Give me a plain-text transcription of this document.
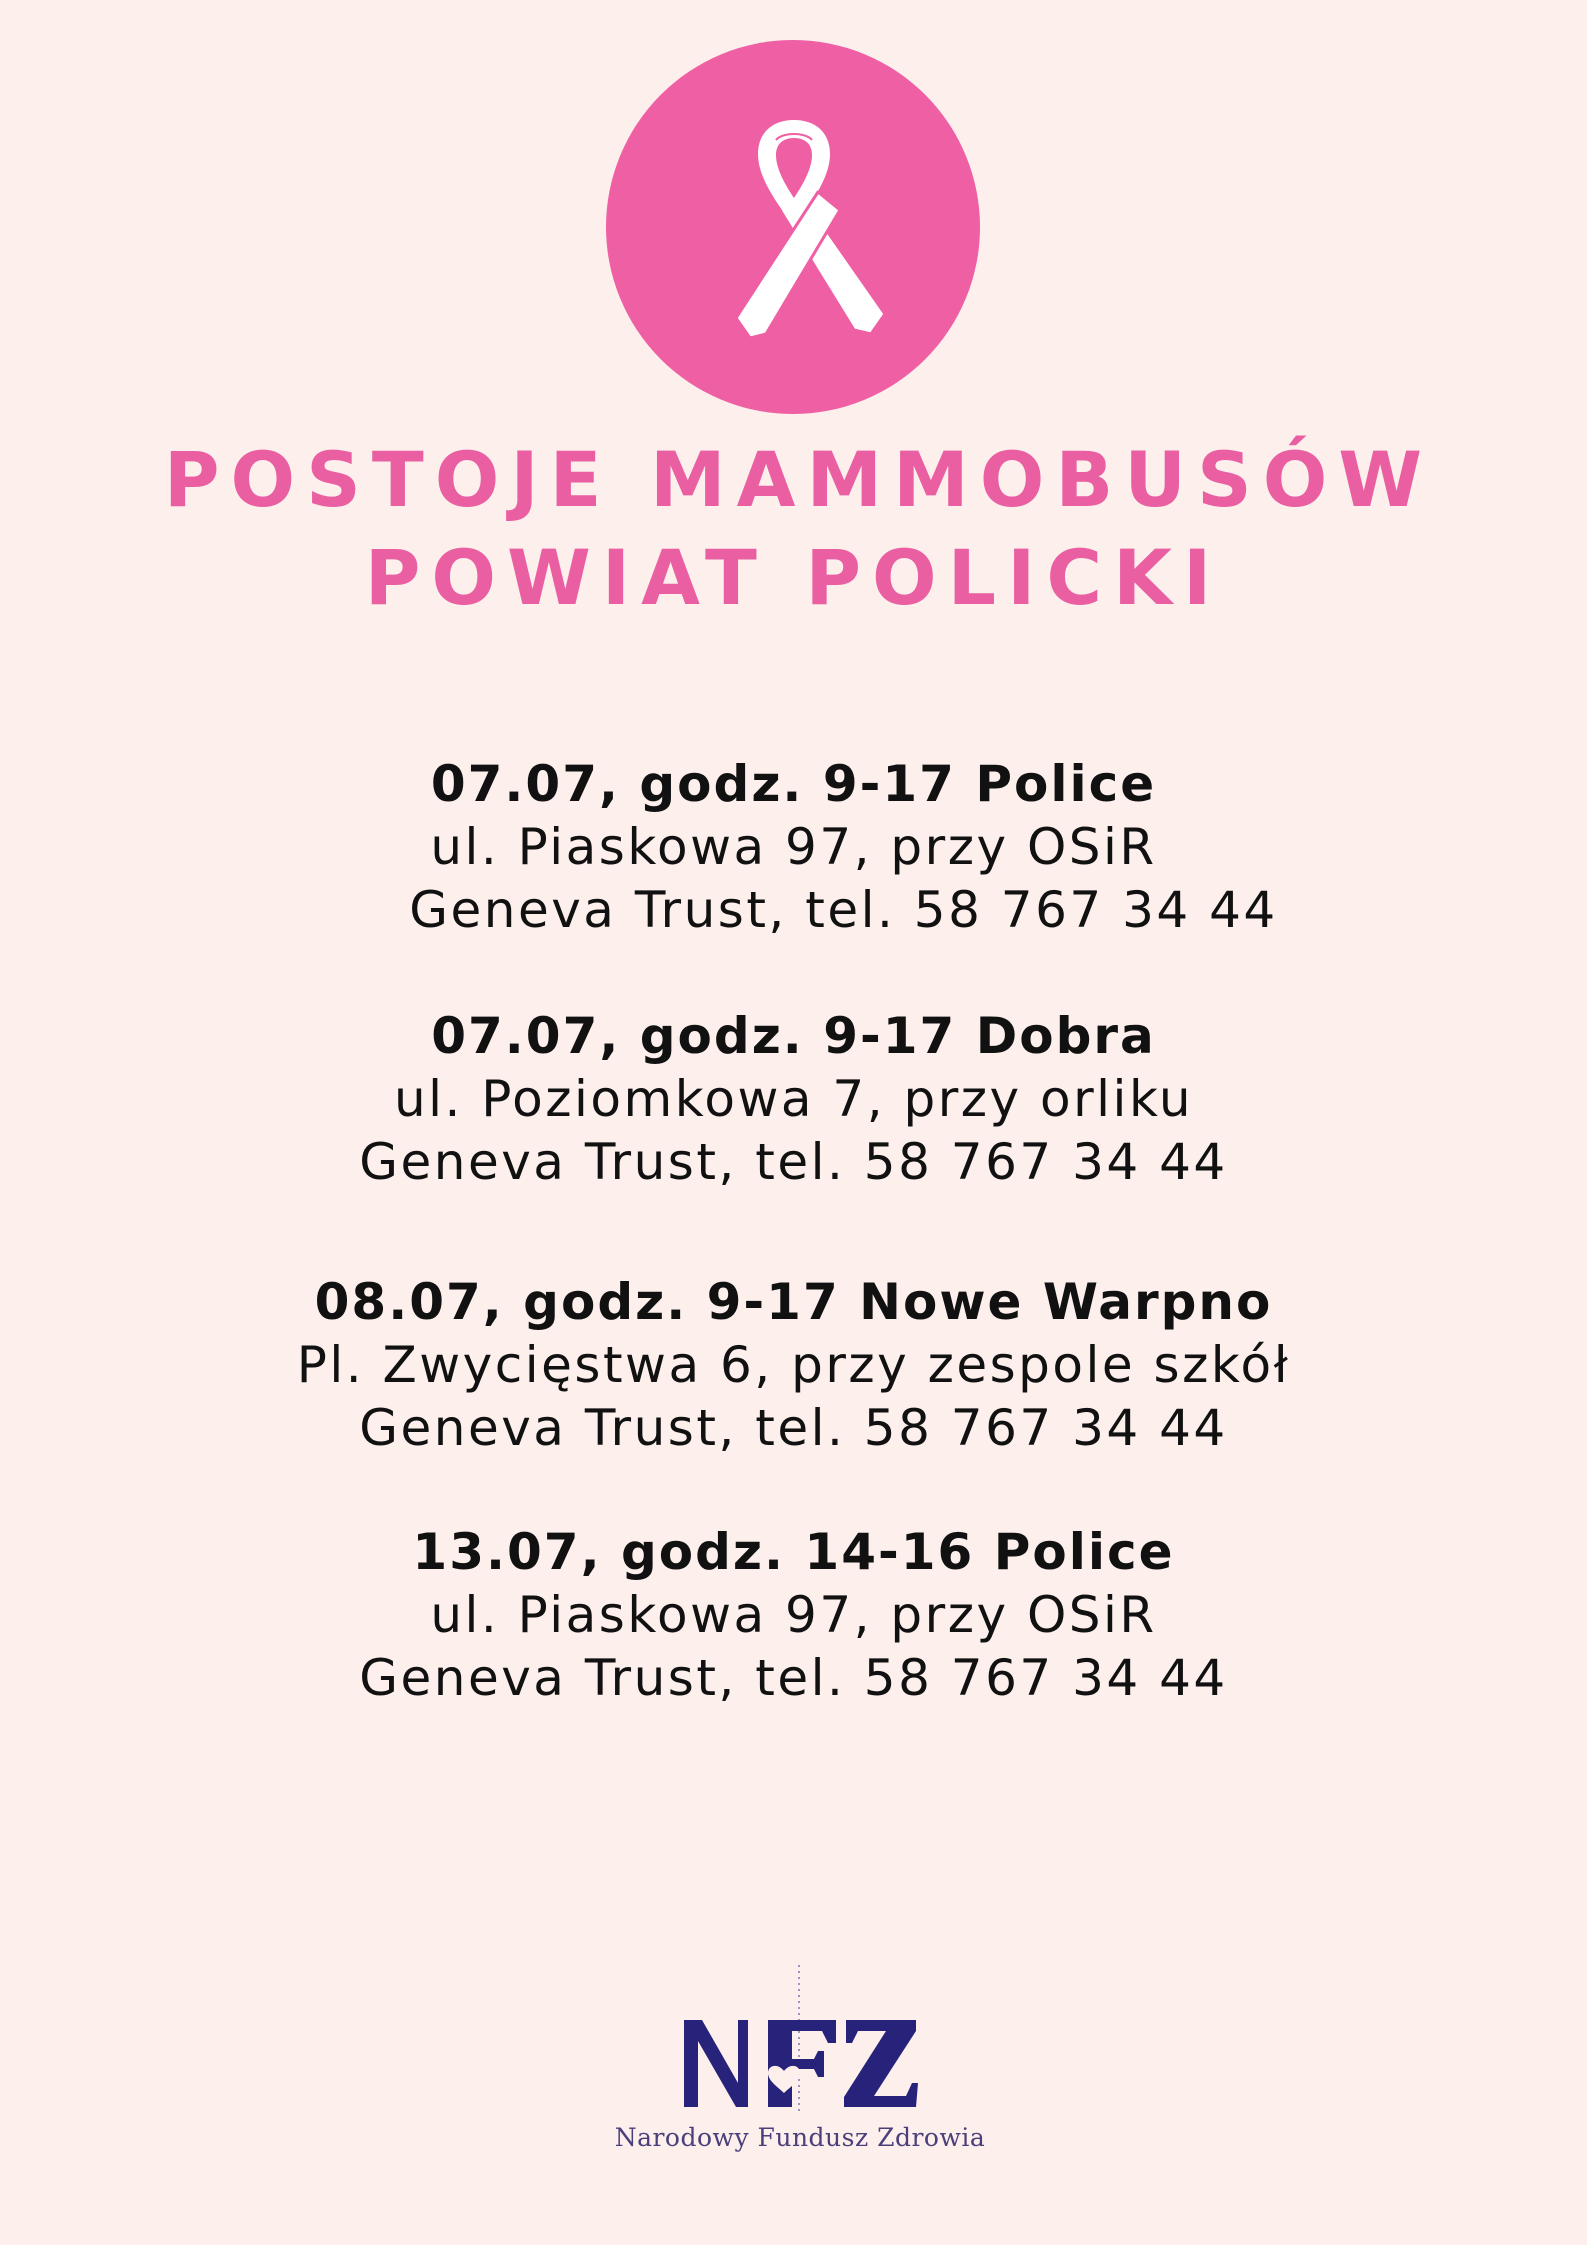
POSTOJE MAMMOBUSÓW
POWIAT POLICKI
07.07, godz. 9-17 Police
ul. Piaskowa 97, przy OSiR
Geneva Trust, tel. 58 767 34 44
07.07, godz. 9-17 Dobra
ul. Poziomkowa 7, przy orliku
Geneva Trust, tel. 58 767 34 44
08.07, godz. 9-17 Nowe Warpno
Pl. Zwycięstwa 6, przy zespole szkół
Geneva Trust, tel. 58 767 34 44
13.07, godz. 14-16 Police
ul. Piaskowa 97, przy OSiR
Geneva Trust, tel. 58 767 34 44
Narodowy Fundusz Zdrowia
